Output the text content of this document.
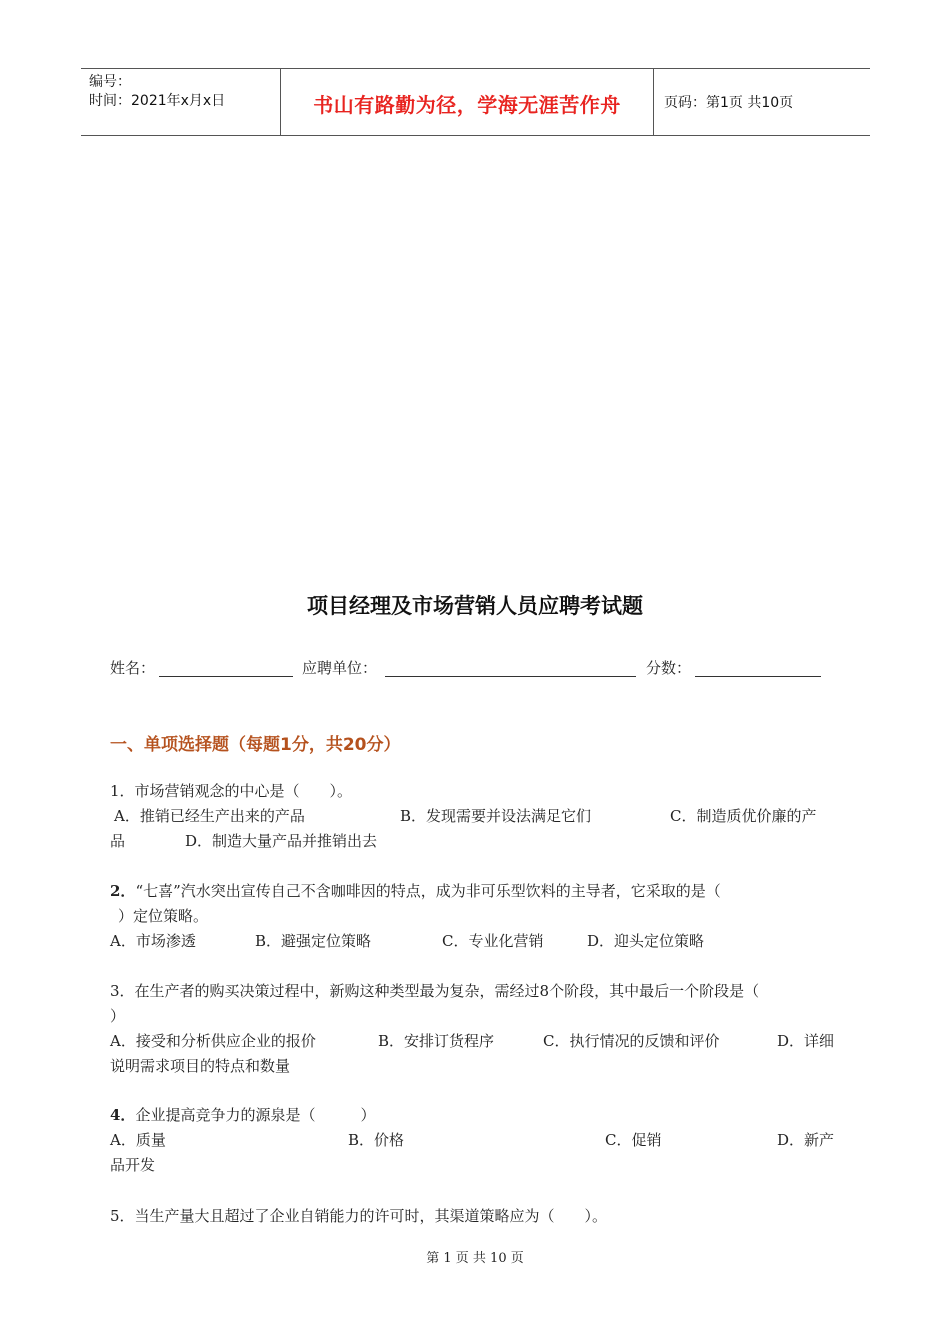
编号：
时间：2021年x月x日	书山有路勤为径，学海无涯苦作舟	页码：第1页 共10页
项目经理及市场营销人员应聘考试题
姓名：	应聘单位：	分数：
一、单项选择题（每题1分，共20分）
1．市场营销观念的中心是（　　）。
A．推销已经生产出来的产品	B．发现需要并设法满足它们	C．制造质优价廉的产
品	D．制造大量产品并推销出去
2．“七喜”汽水突出宣传自己不含咖啡因的特点，成为非可乐型饮料的主导者，它采取的是（
）定位策略。
A．市场渗透	B．避强定位策略	C．专业化营销	D．迎头定位策略
3．在生产者的购买决策过程中，新购这种类型最为复杂，需经过8个阶段，其中最后一个阶段是（
）
A．接受和分析供应企业的报价	B．安排订货程序	C．执行情况的反馈和评价	D．详细
说明需求项目的特点和数量
4．企业提高竞争力的源泉是（　　　）
A．质量	B．价格	C．促销	D．新产
品开发
5．当生产量大且超过了企业自销能力的许可时，其渠道策略应为（　　）。
第 1 页 共 10 页
